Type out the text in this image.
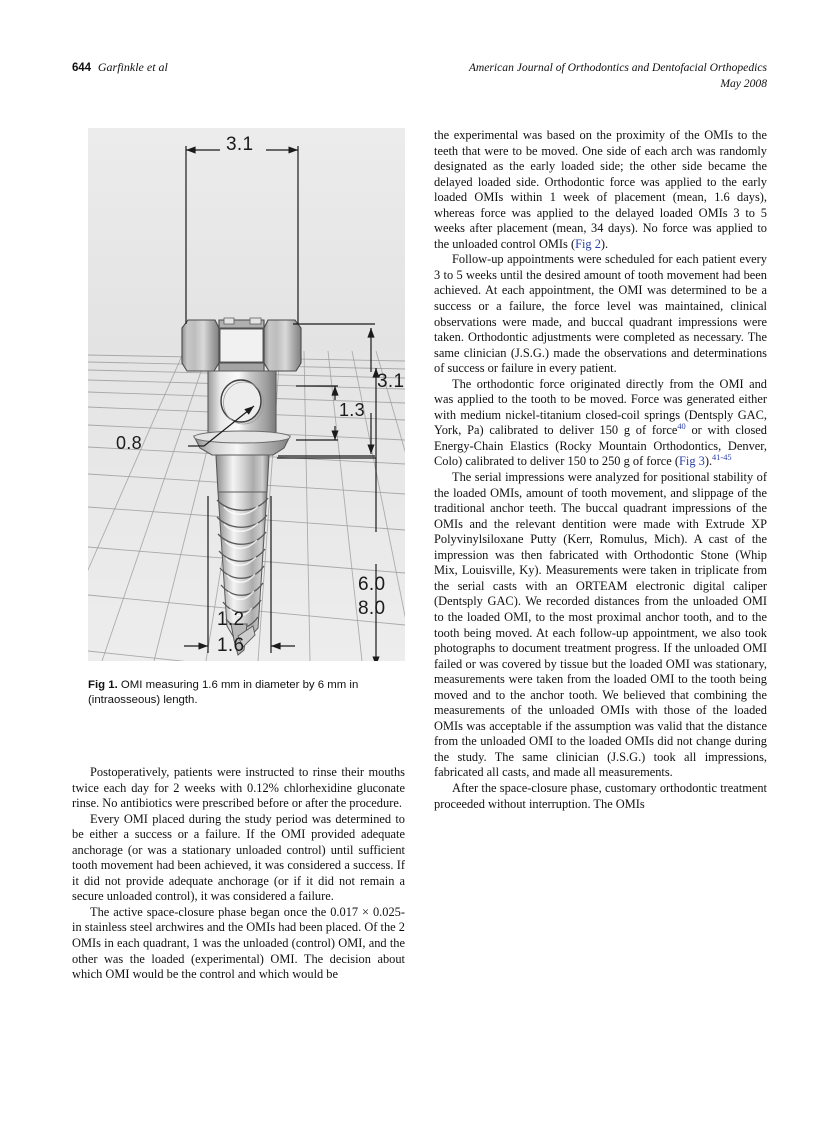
644 Garfinkle et al	American Journal of Orthodontics and Dentofacial Orthopedics
May 2008
3.1
3.1
1.3
0.8
6.0
8.0
1.2
1.6
Fig 1. OMI measuring 1.6 mm in diameter by 6 mm in (intraosseous) length.

Postoperatively, patients were instructed to rinse their mouths twice each day for 2 weeks with 0.12% chlorhexidine gluconate rinse. No antibiotics were prescribed before or after the procedure.

Every OMI placed during the study period was determined to be either a success or a failure. If the OMI provided adequate anchorage (or was a stationary unloaded control) until sufficient tooth movement had been achieved, it was considered a success. If it did not provide adequate anchorage (or if it did not remain a secure unloaded control), it was considered a failure.

The active space-closure phase began once the 0.017 × 0.025-in stainless steel archwires and the OMIs had been placed. Of the 2 OMIs in each quadrant, 1 was the unloaded (control) OMI, and the other was the loaded (experimental) OMI. The decision about which OMI would be the control and which would be

the experimental was based on the proximity of the OMIs to the teeth that were to be moved. One side of each arch was randomly designated as the early loaded side; the other side became the delayed loaded side. Orthodontic force was applied to the early loaded OMIs within 1 week of placement (mean, 1.6 days), whereas force was applied to the delayed loaded OMIs 3 to 5 weeks after placement (mean, 34 days). No force was applied to the unloaded control OMIs (Fig 2).

Follow-up appointments were scheduled for each patient every 3 to 5 weeks until the desired amount of tooth movement had been achieved. At each appointment, the OMI was determined to be a success or a failure, the force level was maintained, clinical observations were made, and buccal quadrant impressions were taken. Orthodontic adjustments were completed as necessary. The same clinician (J.S.G.) made the observations and determinations of success or failure in every patient.

The orthodontic force originated directly from the OMI and was applied to the tooth to be moved. Force was generated either with medium nickel-titanium closed-coil springs (Dentsply GAC, York, Pa) calibrated to deliver 150 g of force$^{40}$ or with closed Energy-Chain Elastics (Rocky Mountain Orthodontics, Denver, Colo) calibrated to deliver 150 to 250 g of force (Fig 3).$^{41-45}$

The serial impressions were analyzed for positional stability of the loaded OMIs, amount of tooth movement, and slippage of the traditional anchor teeth. The buccal quadrant impressions of the OMIs and the relevant dentition were made with Extrude XP Polyvinylsiloxane Putty (Kerr, Romulus, Mich). A cast of the impression was then fabricated with Orthodontic Stone (Whip Mix, Louisville, Ky). Measurements were taken in triplicate from the serial casts with an ORTEAM electronic digital caliper (Dentsply GAC). We recorded distances from the unloaded OMI to the loaded OMI, to the most proximal anchor tooth, and to the tooth being moved. At each follow-up appointment, we also took photographs to document treatment progress. If the unloaded OMI failed or was covered by tissue but the loaded OMI was stationary, measurements were taken from the loaded OMI to the tooth being moved and to the anchor tooth. We believed that combining the measurements of the unloaded OMIs with those of the loaded OMIs was acceptable if the assumption was valid that the distance from the unloaded OMI to the loaded OMIs did not change during the study. The same clinician (J.S.G.) took all impressions, fabricated all casts, and made all measurements.

After the space-closure phase, customary orthodontic treatment proceeded without interruption. The OMIs
